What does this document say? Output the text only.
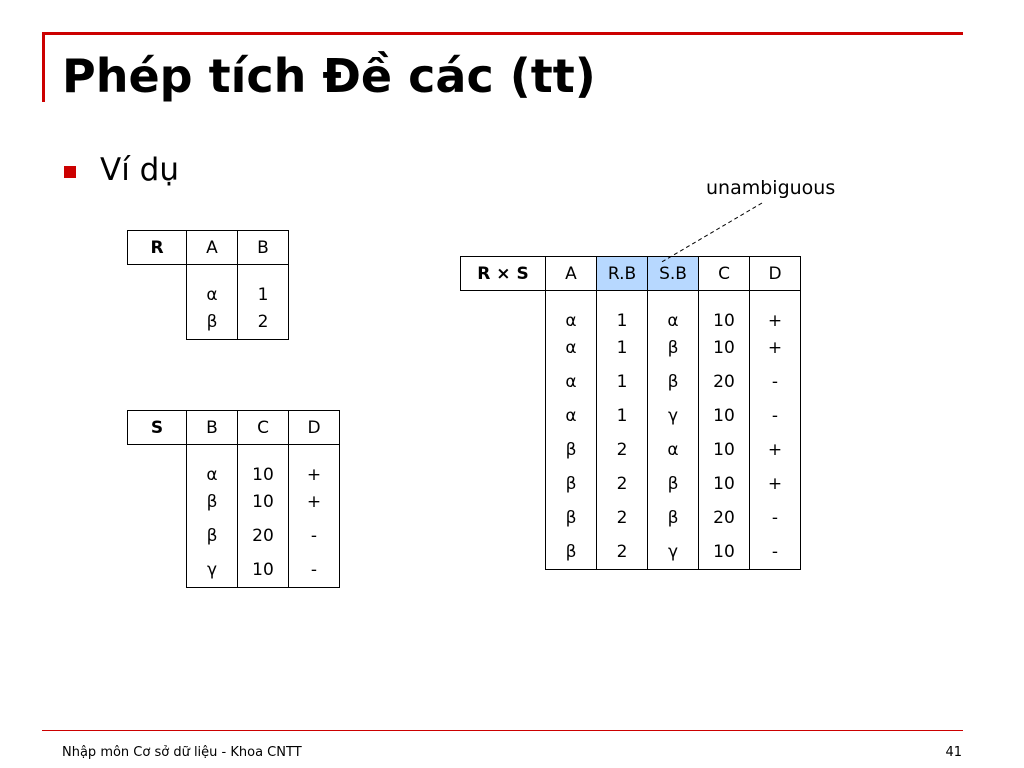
Phép tích Đề các (tt)
Ví dụ
R	A	B
	α	1
	β	2
S	B	C	D
	α	10	+
	β	10	+
	β	20	-
	γ	10	-
R × S	A	R.B	S.B	C	D
	α	1	α	10	+
	α	1	β	10	+
	α	1	β	20	-
	α	1	γ	10	-
	β	2	α	10	+
	β	2	β	10	+
	β	2	β	20	-
	β	2	γ	10	-
unambiguous
Nhập môn Cơ sở dữ liệu - Khoa CNTT	41
